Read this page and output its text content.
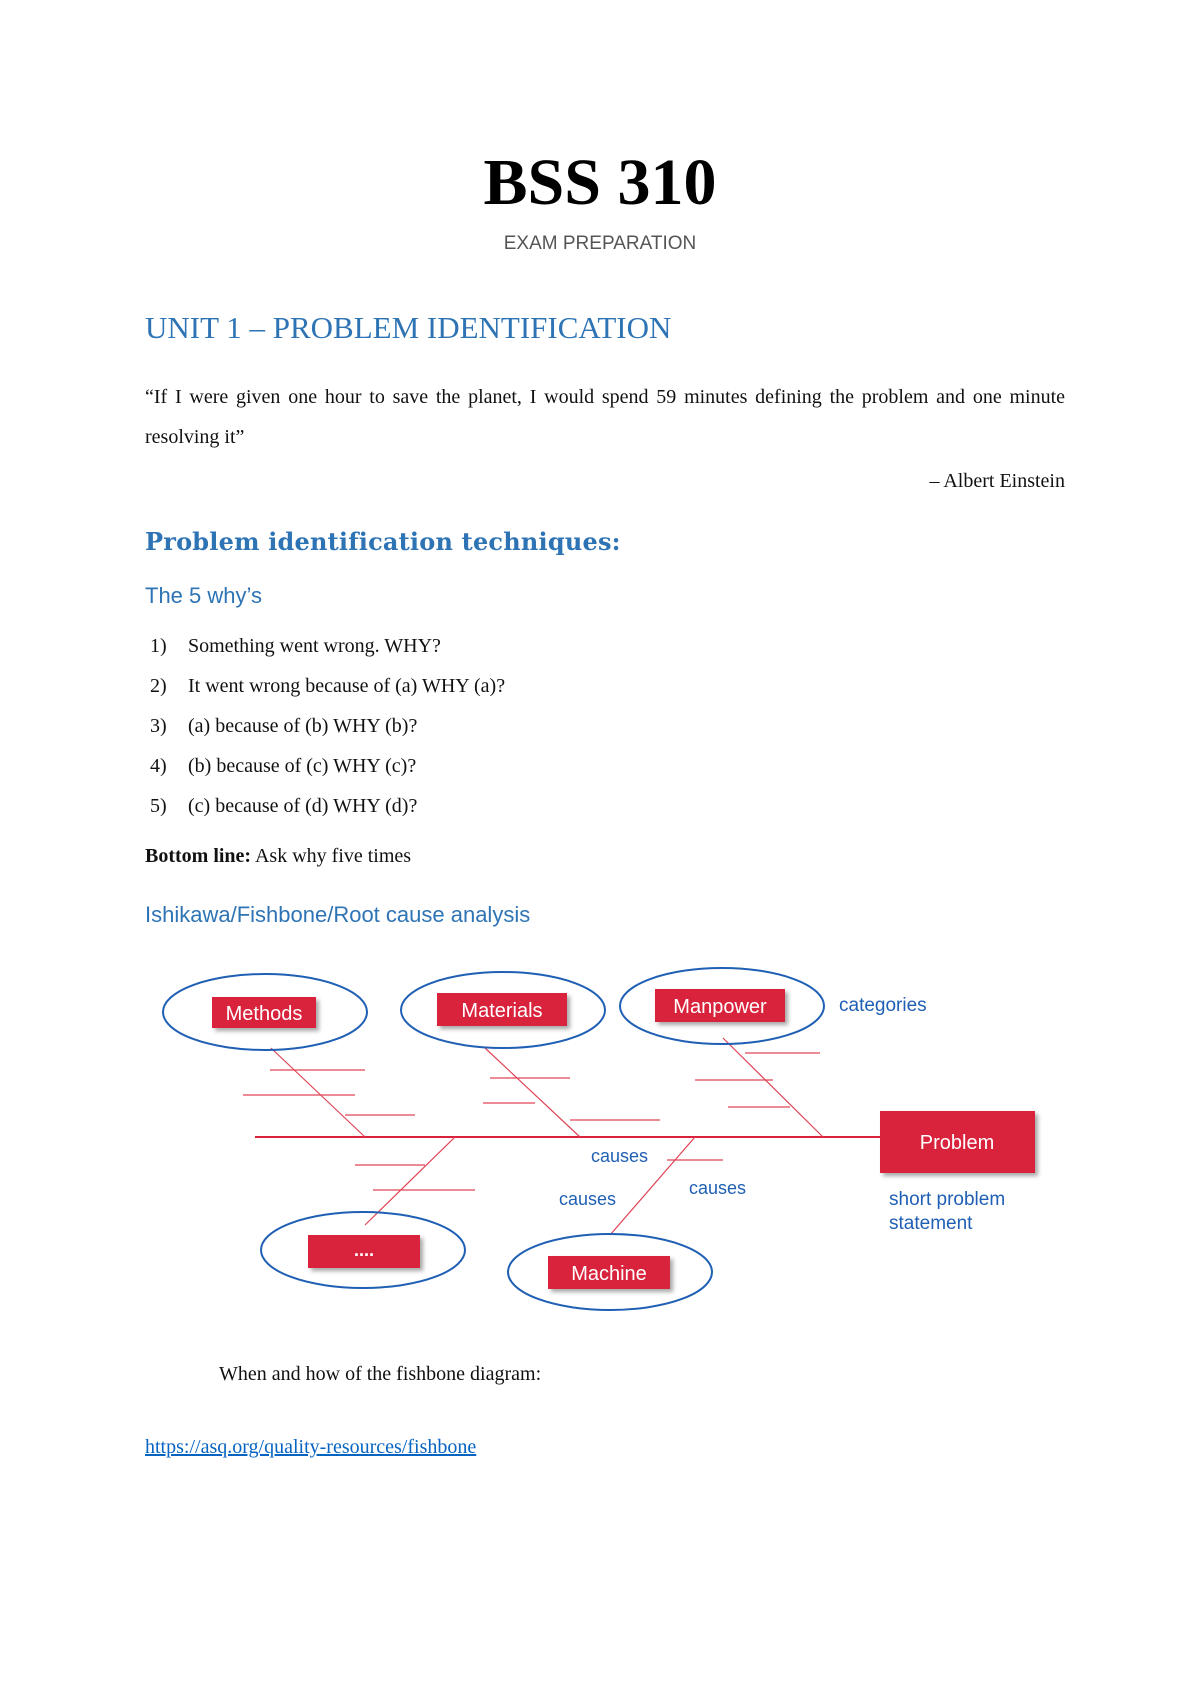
BSS 310
EXAM PREPARATION
UNIT 1 – PROBLEM IDENTIFICATION
“If I were given one hour to save the planet, I would spend 59 minutes defining the problem and one minute resolving it”
– Albert Einstein
Problem identification techniques:
The 5 why’s
1) Something went wrong. WHY?
2) It went wrong because of (a) WHY (a)?
3) (a) because of (b) WHY (b)?
4) (b) because of (c) WHY (c)?
5) (c) because of (d) WHY (d)?
Bottom line: Ask why five times
Ishikawa/Fishbone/Root cause analysis
Methods	Materials	Manpower	categories
Problem
short problem
statement
causes
causes
causes
....
Machine
When and how of the fishbone diagram:
https://asq.org/quality-resources/fishbone
